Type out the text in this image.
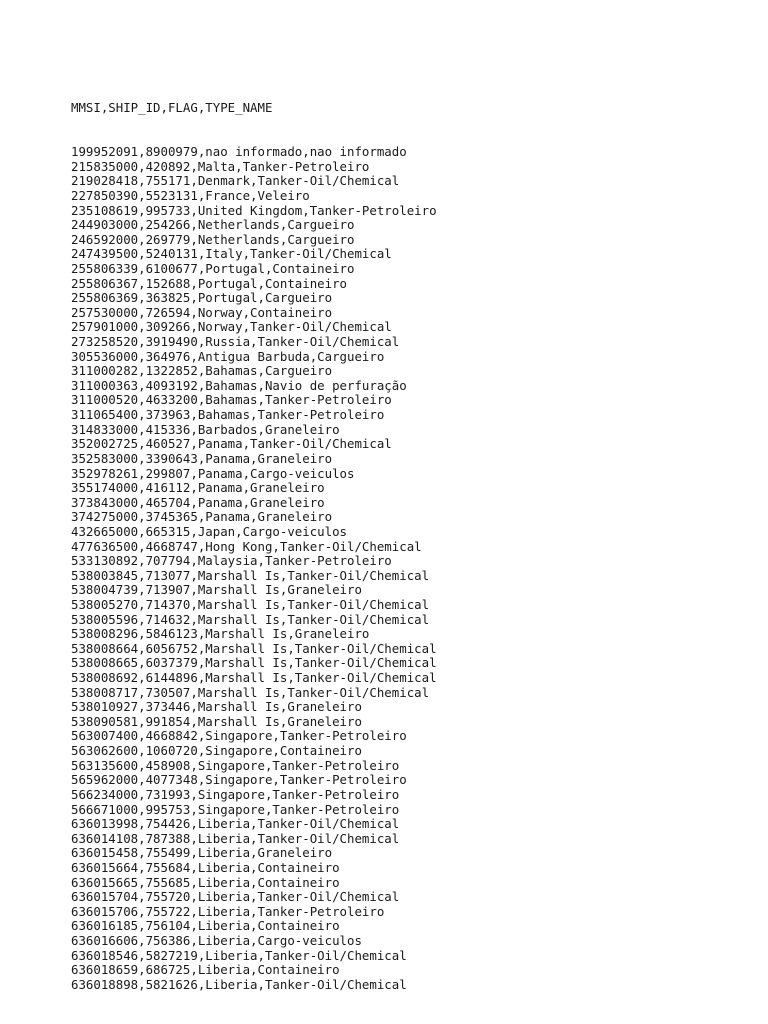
MMSI,SHIP_ID,FLAG,TYPE_NAME

199952091,8900979,nao informado,nao informado
215835000,420892,Malta,Tanker-Petroleiro
219028418,755171,Denmark,Tanker-Oil/Chemical
227850390,5523131,France,Veleiro
235108619,995733,United Kingdom,Tanker-Petroleiro
244903000,254266,Netherlands,Cargueiro
246592000,269779,Netherlands,Cargueiro
247439500,5240131,Italy,Tanker-Oil/Chemical
255806339,6100677,Portugal,Containeiro
255806367,152688,Portugal,Containeiro
255806369,363825,Portugal,Cargueiro
257530000,726594,Norway,Containeiro
257901000,309266,Norway,Tanker-Oil/Chemical
273258520,3919490,Russia,Tanker-Oil/Chemical
305536000,364976,Antigua Barbuda,Cargueiro
311000282,1322852,Bahamas,Cargueiro
311000363,4093192,Bahamas,Navio de perfuração
311000520,4633200,Bahamas,Tanker-Petroleiro
311065400,373963,Bahamas,Tanker-Petroleiro
314833000,415336,Barbados,Graneleiro
352002725,460527,Panama,Tanker-Oil/Chemical
352583000,3390643,Panama,Graneleiro
352978261,299807,Panama,Cargo-veiculos
355174000,416112,Panama,Graneleiro
373843000,465704,Panama,Graneleiro
374275000,3745365,Panama,Graneleiro
432665000,665315,Japan,Cargo-veiculos
477636500,4668747,Hong Kong,Tanker-Oil/Chemical
533130892,707794,Malaysia,Tanker-Petroleiro
538003845,713077,Marshall Is,Tanker-Oil/Chemical
538004739,713907,Marshall Is,Graneleiro
538005270,714370,Marshall Is,Tanker-Oil/Chemical
538005596,714632,Marshall Is,Tanker-Oil/Chemical
538008296,5846123,Marshall Is,Graneleiro
538008664,6056752,Marshall Is,Tanker-Oil/Chemical
538008665,6037379,Marshall Is,Tanker-Oil/Chemical
538008692,6144896,Marshall Is,Tanker-Oil/Chemical
538008717,730507,Marshall Is,Tanker-Oil/Chemical
538010927,373446,Marshall Is,Graneleiro
538090581,991854,Marshall Is,Graneleiro
563007400,4668842,Singapore,Tanker-Petroleiro
563062600,1060720,Singapore,Containeiro
563135600,458908,Singapore,Tanker-Petroleiro
565962000,4077348,Singapore,Tanker-Petroleiro
566234000,731993,Singapore,Tanker-Petroleiro
566671000,995753,Singapore,Tanker-Petroleiro
636013998,754426,Liberia,Tanker-Oil/Chemical
636014108,787388,Liberia,Tanker-Oil/Chemical
636015458,755499,Liberia,Graneleiro
636015664,755684,Liberia,Containeiro
636015665,755685,Liberia,Containeiro
636015704,755720,Liberia,Tanker-Oil/Chemical
636015706,755722,Liberia,Tanker-Petroleiro
636016185,756104,Liberia,Containeiro
636016606,756386,Liberia,Cargo-veiculos
636018546,5827219,Liberia,Tanker-Oil/Chemical
636018659,686725,Liberia,Containeiro
636018898,5821626,Liberia,Tanker-Oil/Chemical
